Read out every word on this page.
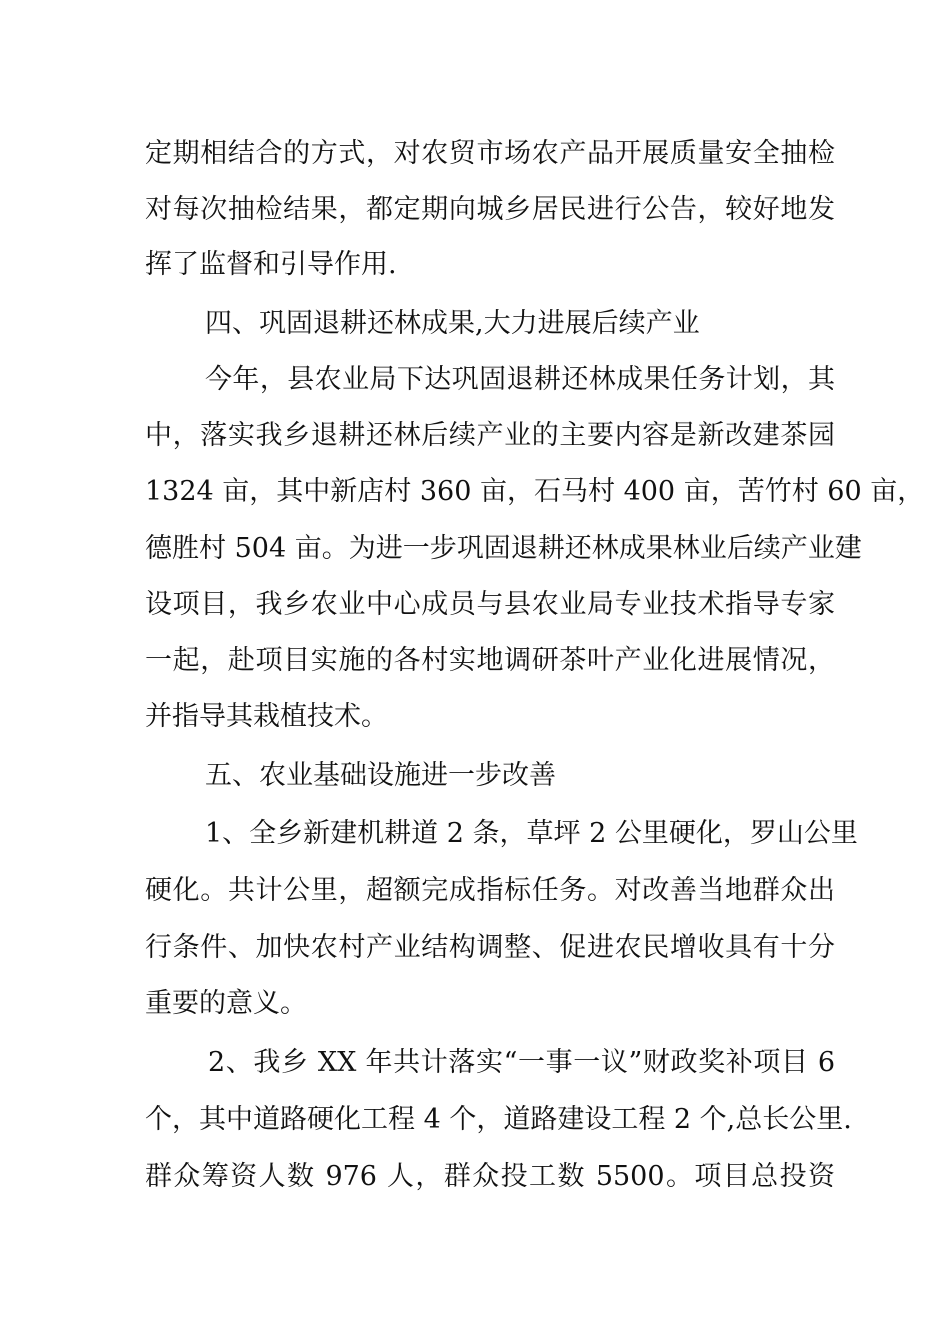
定期相结合的方式，对农贸市场农产品开展质量安全抽检
对每次抽检结果，都定期向城乡居民进行公告，较好地发
挥了监督和引导作用.
四、巩固退耕还林成果,大力进展后续产业
今年，县农业局下达巩固退耕还林成果任务计划，其
中，落实我乡退耕还林后续产业的主要内容是新改建茶园
1324 亩，其中新店村 360 亩，石马村 400 亩，苦竹村 60 亩，
德胜村 504 亩。为进一步巩固退耕还林成果林业后续产业建
设项目，我乡农业中心成员与县农业局专业技术指导专家
一起，赴项目实施的各村实地调研茶叶产业化进展情况，
并指导其栽植技术。
五、农业基础设施进一步改善
1、全乡新建机耕道 2 条，草坪 2 公里硬化，罗山公里
硬化。共计公里，超额完成指标任务。对改善当地群众出
行条件、加快农村产业结构调整、促进农民增收具有十分
重要的意义。
2、我乡 XX 年共计落实“一事一议”财政奖补项目 6
个，其中道路硬化工程 4 个，道路建设工程 2 个,总长公里.
群众筹资人数 976 人，群众投工数 5500。项目总投资
